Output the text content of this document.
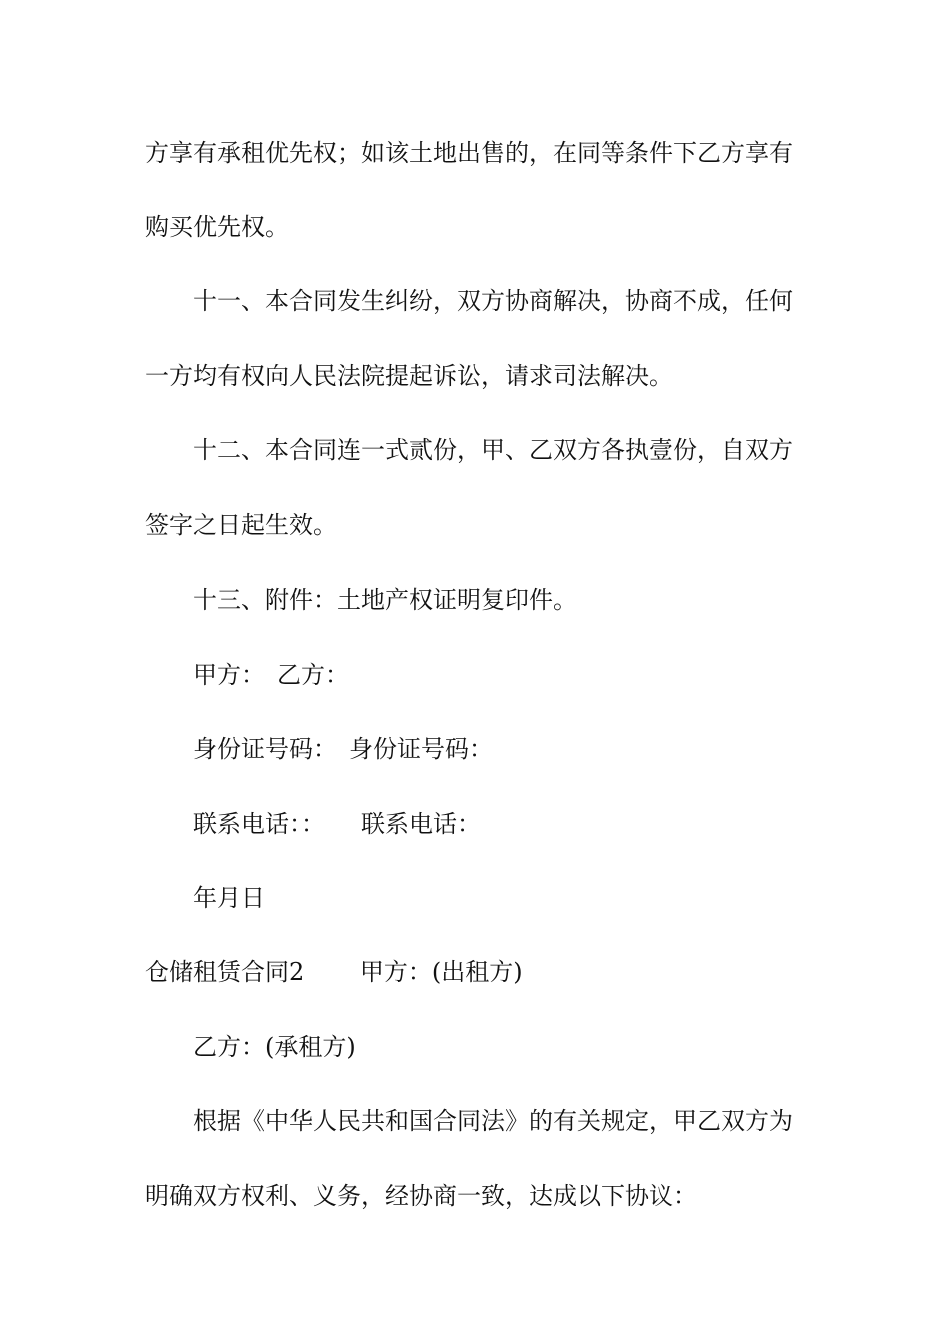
方享有承租优先权；如该土地出售的，在同等条件下乙方享有
购买优先权。
十一、本合同发生纠纷，双方协商解决，协商不成，任何
一方均有权向人民法院提起诉讼，请求司法解决。
十二、本合同连一式贰份，甲、乙双方各执壹份，自双方
签字之日起生效。
十三、附件：土地产权证明复印件。
甲方：　乙方：
身份证号码：　身份证号码：
联系电话：：　　联系电话：
年月日
仓储租赁合同2　　 甲方：(出租方)
乙方：(承租方)
根据《中华人民共和国合同法》的有关规定，甲乙双方为
明确双方权利、义务，经协商一致，达成以下协议：
